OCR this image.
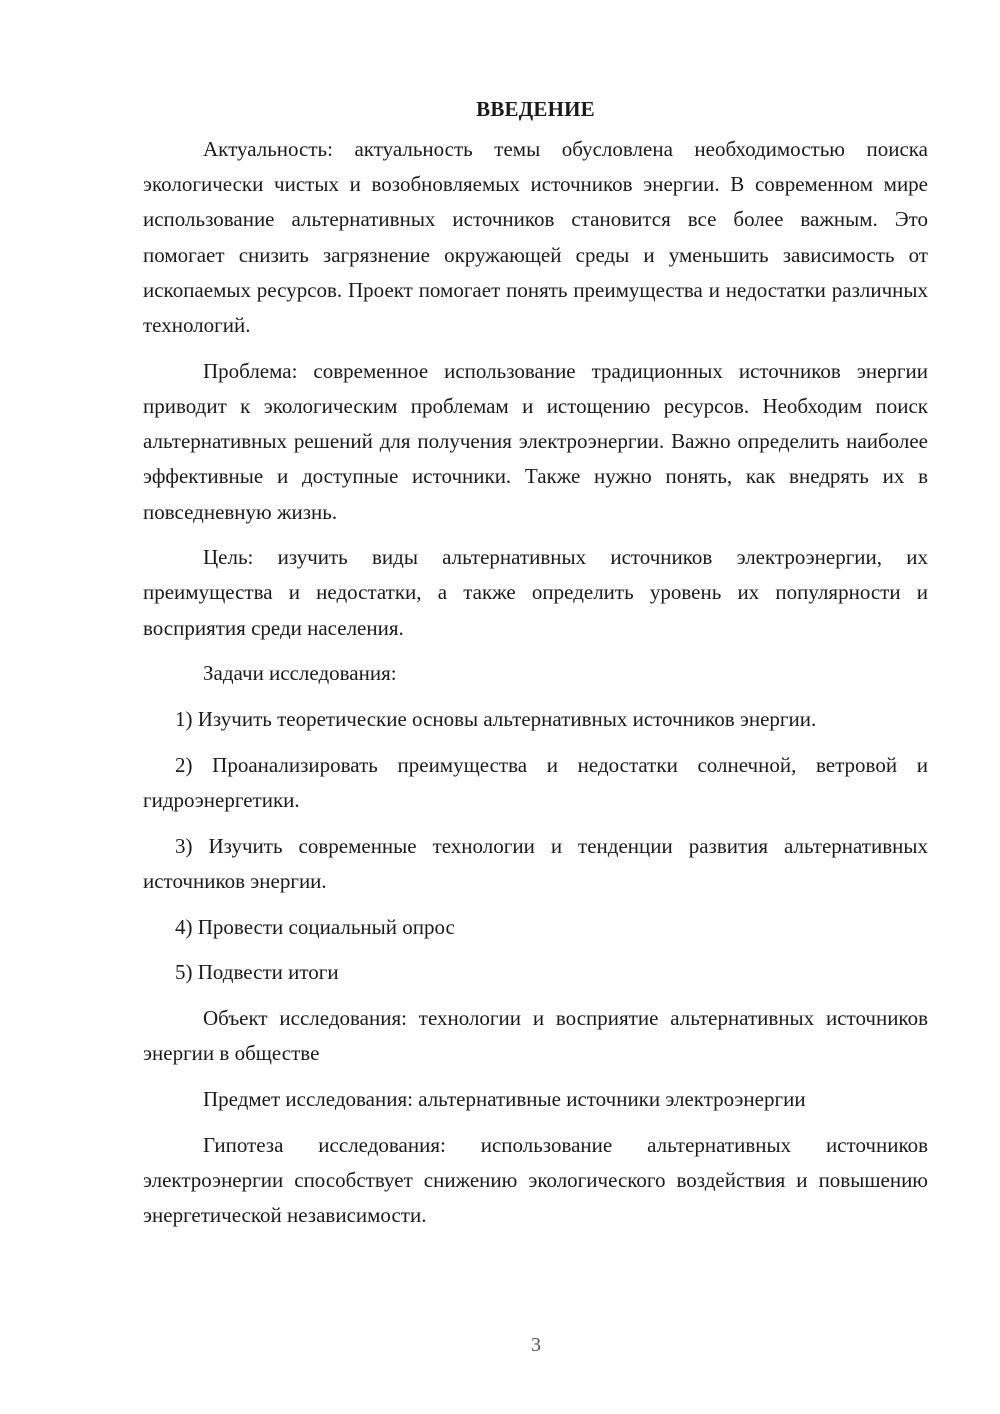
ВВЕДЕНИЕ

Актуальность: актуальность темы обусловлена необходимостью поиска экологически чистых и возобновляемых источников энергии. В современном мире использование альтернативных источников становится все более важным. Это помогает снизить загрязнение окружающей среды и уменьшить зависимость от ископаемых ресурсов. Проект помогает понять преимущества и недостатки различных технологий.

Проблема: современное использование традиционных источников энергии приводит к экологическим проблемам и истощению ресурсов. Необходим поиск альтернативных решений для получения электроэнергии. Важно определить наиболее эффективные и доступные источники. Также нужно понять, как внедрять их в повседневную жизнь.

Цель: изучить виды альтернативных источников электроэнергии, их преимущества и недостатки, а также определить уровень их популярности и восприятия среди населения.

Задачи исследования:

1) Изучить теоретические основы альтернативных источников энергии.

2) Проанализировать преимущества и недостатки солнечной, ветровой и гидроэнергетики.

3) Изучить современные технологии и тенденции развития альтернативных источников энергии.

4) Провести социальный опрос

5) Подвести итоги

Объект исследования: технологии и восприятие альтернативных источников энергии в обществе

Предмет исследования: альтернативные источники электроэнергии

Гипотеза исследования: использование альтернативных источников электроэнергии способствует снижению экологического воздействия и повышению энергетической независимости.

3
